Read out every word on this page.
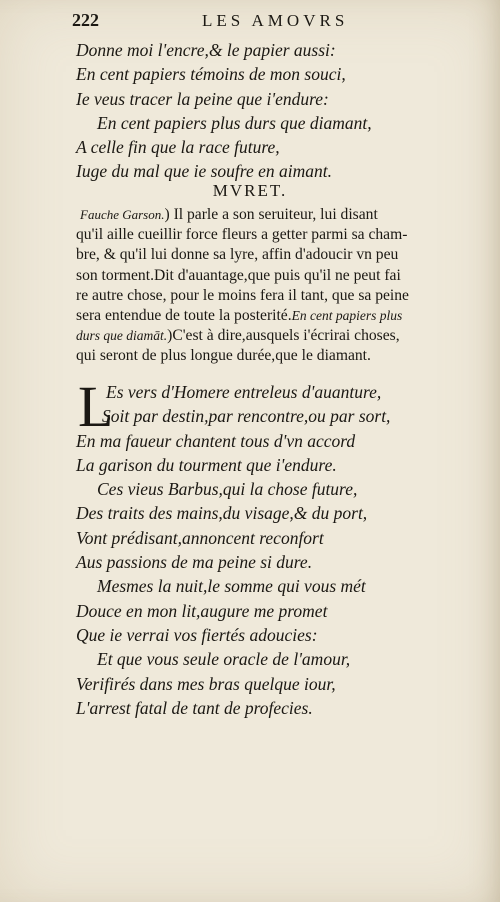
222	LES AMOVRS
Donne moi l'encre,& le papier aussi:
En cent papiers témoins de mon souci,
Ie veus tracer la peine que i'endure:
En cent papiers plus durs que diamant,
A celle fin que la race future,
Iuge du mal que ie soufre en aimant.
MVRET.
Fauche Garson.) Il parle a son seruiteur, lui disant
qu'il aille cueillir force fleurs a getter parmi sa cham-
bre, & qu'il lui donne sa lyre, affin d'adoucir vn peu
son torment.Dit d'auantage,que puis qu'il ne peut fai
re autre chose, pour le moins fera il tant, que sa peine
sera entendue de toute la posterité.En cent papiers plus
durs que diamāt.)C'est à dire,ausquels i'écrirai choses,
qui seront de plus longue durée,que le diamant.
L
Es vers d'Homere entreleus d'auanture,
Soit par destin,par rencontre,ou par sort,
En ma faueur chantent tous d'vn accord
La garison du tourment que i'endure.
Ces vieus Barbus,qui la chose future,
Des traits des mains,du visage,& du port,
Vont prédisant,annoncent reconfort
Aus passions de ma peine si dure.
Mesmes la nuit,le somme qui vous mét
Douce en mon lit,augure me promet
Que ie verrai vos fiertés adoucies:
Et que vous seule oracle de l'amour,
Verifirés dans mes bras quelque iour,
L'arrest fatal de tant de profecies.
